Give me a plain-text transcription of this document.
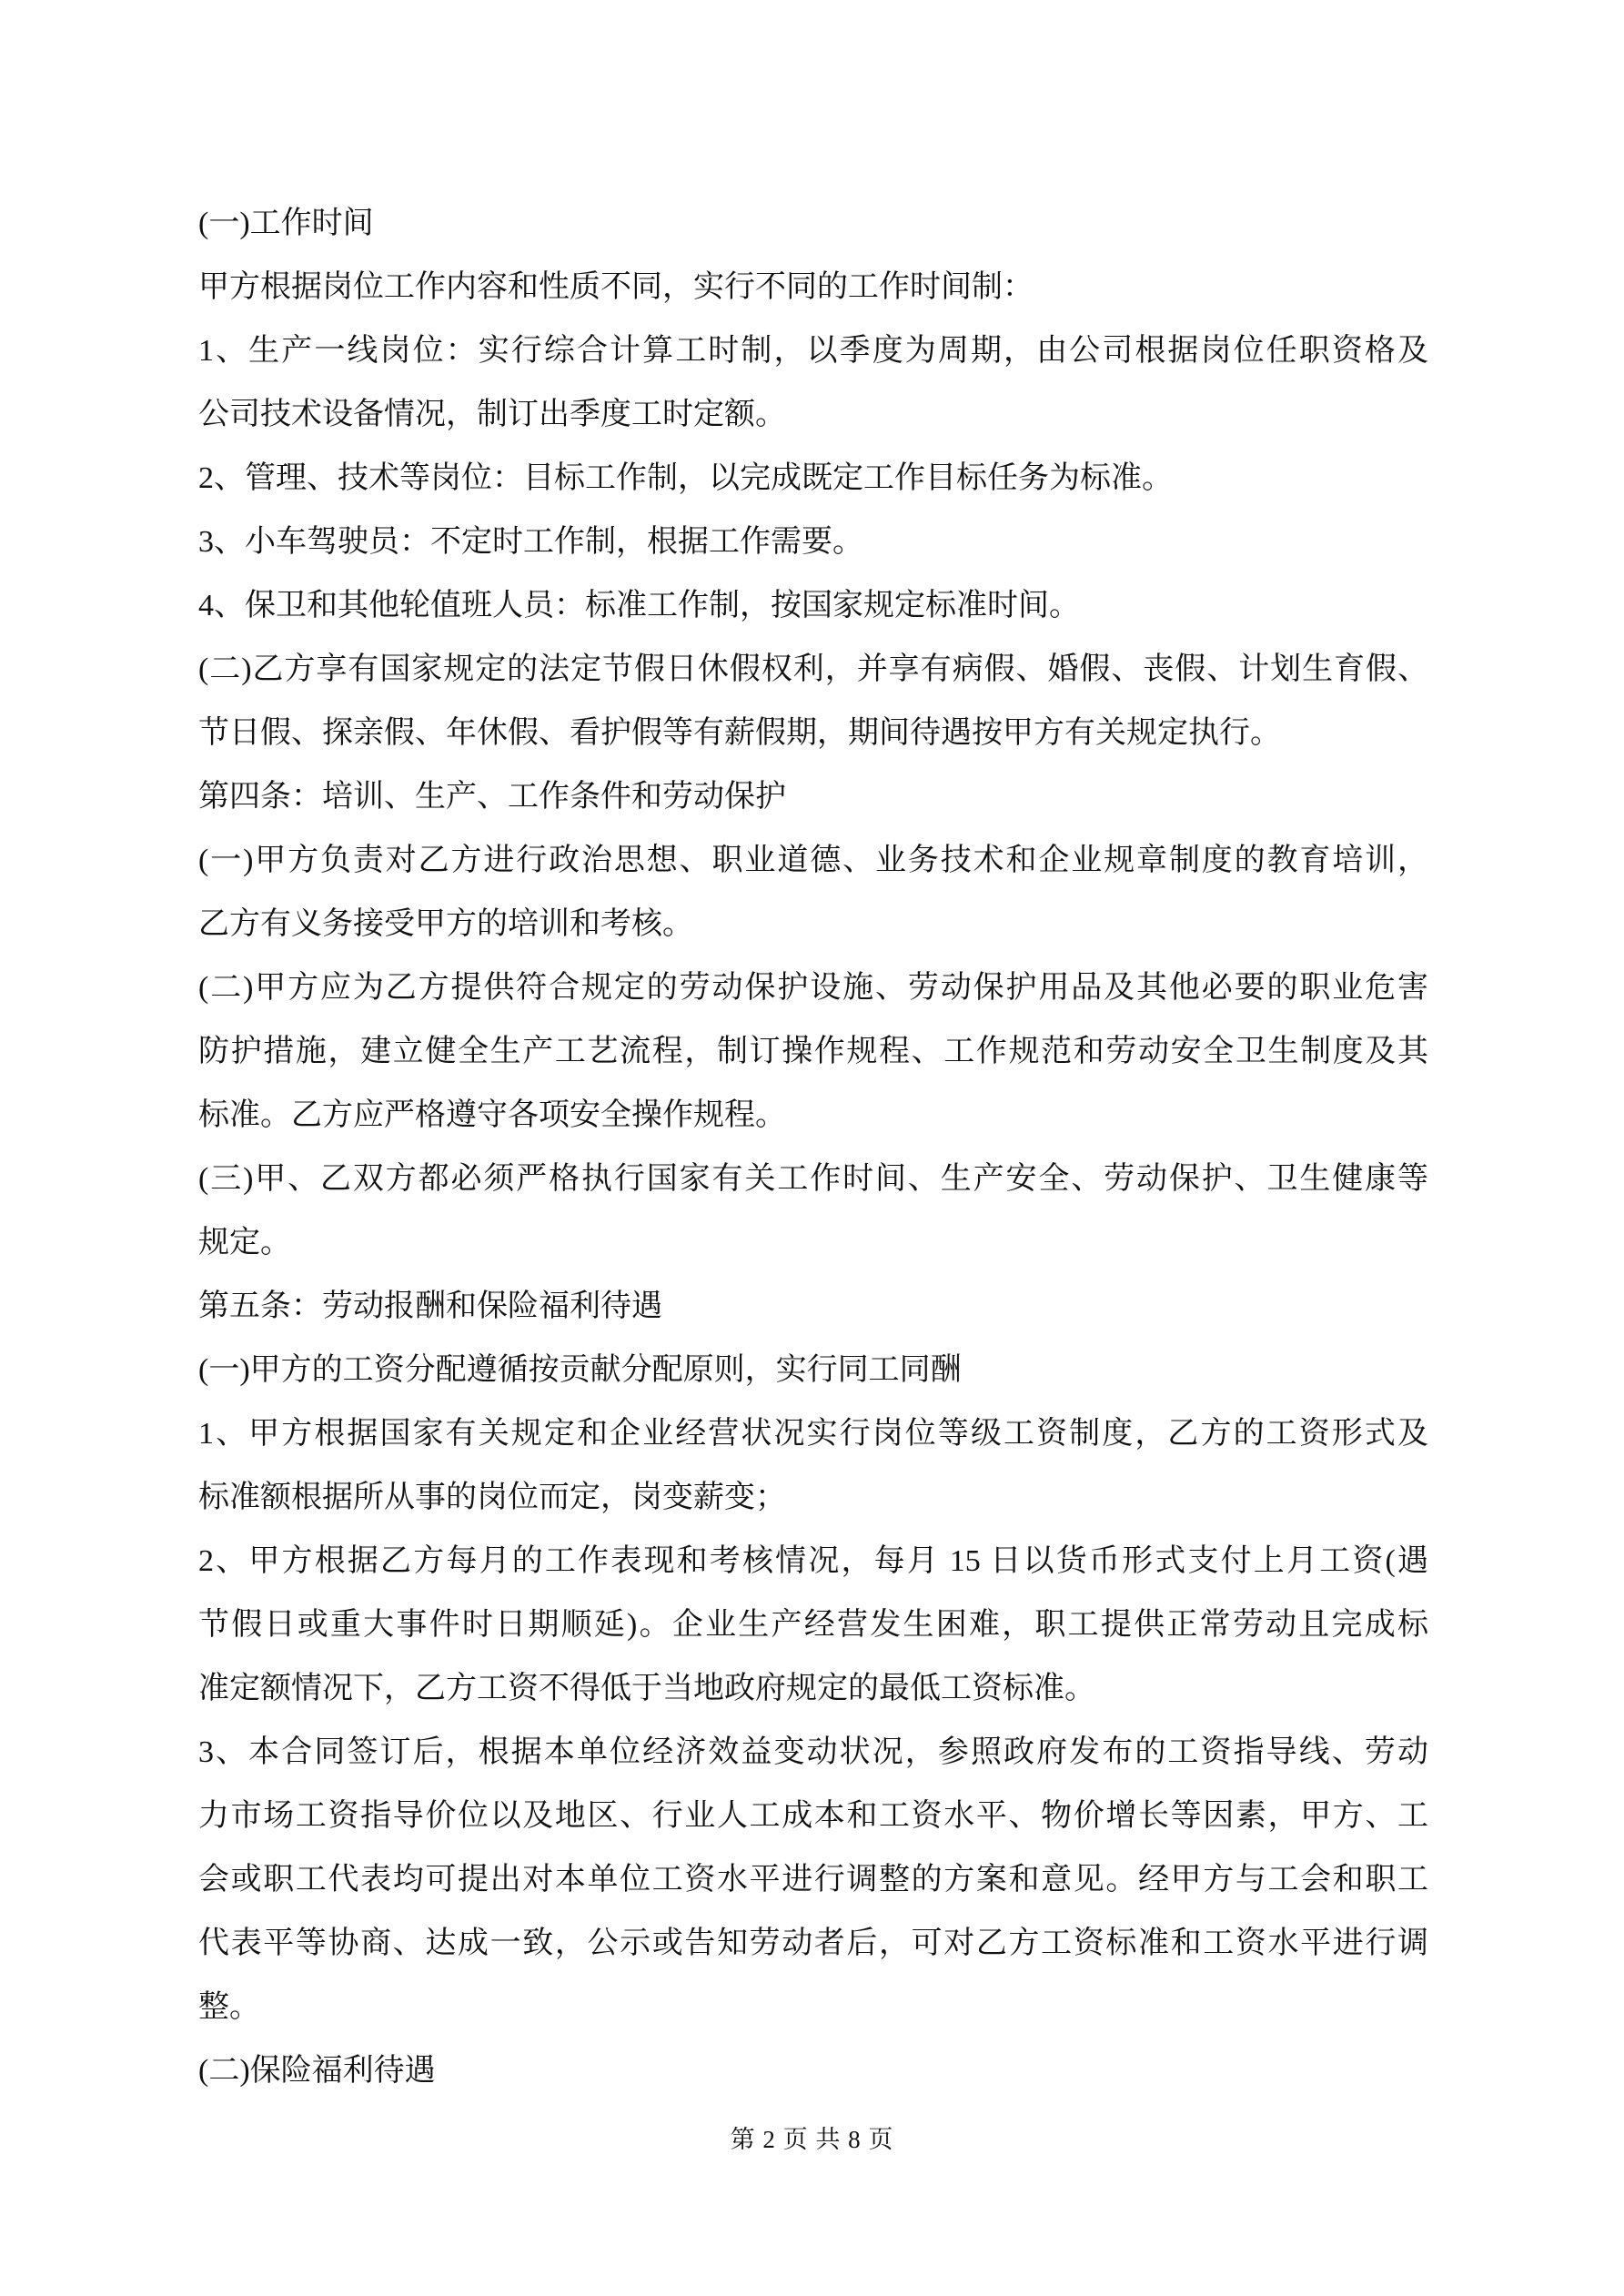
(一)工作时间
甲方根据岗位工作内容和性质不同，实行不同的工作时间制：
1、生产一线岗位：实行综合计算工时制，以季度为周期，由公司根据岗位任职资格及
公司技术设备情况，制订出季度工时定额。
2、管理、技术等岗位：目标工作制，以完成既定工作目标任务为标准。
3、小车驾驶员：不定时工作制，根据工作需要。
4、保卫和其他轮值班人员：标准工作制，按国家规定标准时间。
(二)乙方享有国家规定的法定节假日休假权利，并享有病假、婚假、丧假、计划生育假、
节日假、探亲假、年休假、看护假等有薪假期，期间待遇按甲方有关规定执行。
第四条：培训、生产、工作条件和劳动保护
(一)甲方负责对乙方进行政治思想、职业道德、业务技术和企业规章制度的教育培训，
乙方有义务接受甲方的培训和考核。
(二)甲方应为乙方提供符合规定的劳动保护设施、劳动保护用品及其他必要的职业危害
防护措施，建立健全生产工艺流程，制订操作规程、工作规范和劳动安全卫生制度及其
标准。乙方应严格遵守各项安全操作规程。
(三)甲、乙双方都必须严格执行国家有关工作时间、生产安全、劳动保护、卫生健康等
规定。
第五条：劳动报酬和保险福利待遇
(一)甲方的工资分配遵循按贡献分配原则，实行同工同酬
1、甲方根据国家有关规定和企业经营状况实行岗位等级工资制度，乙方的工资形式及
标准额根据所从事的岗位而定，岗变薪变；
2、甲方根据乙方每月的工作表现和考核情况，每月 15 日以货币形式支付上月工资(遇
节假日或重大事件时日期顺延)。企业生产经营发生困难，职工提供正常劳动且完成标
准定额情况下，乙方工资不得低于当地政府规定的最低工资标准。
3、本合同签订后，根据本单位经济效益变动状况，参照政府发布的工资指导线、劳动
力市场工资指导价位以及地区、行业人工成本和工资水平、物价增长等因素，甲方、工
会或职工代表均可提出对本单位工资水平进行调整的方案和意见。经甲方与工会和职工
代表平等协商、达成一致，公示或告知劳动者后，可对乙方工资标准和工资水平进行调
整。
(二)保险福利待遇
第 2 页 共 8 页
